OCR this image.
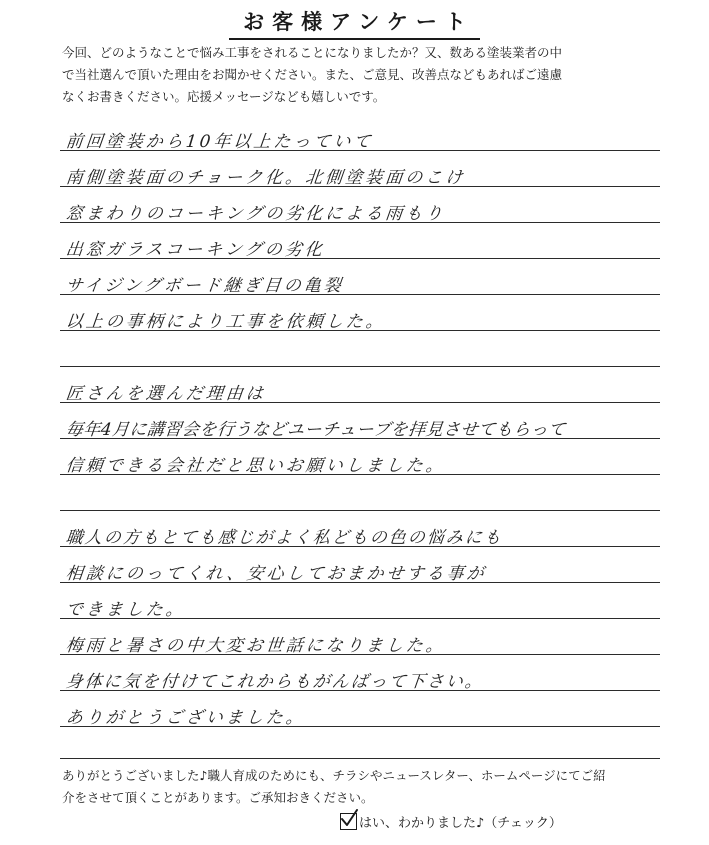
お客様アンケート
今回、どのようなことで悩み工事をされることになりましたか？又、数ある塗装業者の中
で当社選んで頂いた理由をお聞かせください。また、ご意見、改善点などもあればご遠慮
なくお書きください。応援メッセージなども嬉しいです。
前回塗装から10年以上たっていて
南側塗装面のチョーク化。北側塗装面のこけ
窓まわりのコーキングの劣化による雨もり
出窓ガラスコーキングの劣化
サイジングボード継ぎ目の亀裂
以上の事柄により工事を依頼した。
匠さんを選んだ理由は
毎年4月に講習会を行うなどユーチューブを拝見させてもらって
信頼できる会社だと思いお願いしました。
職人の方もとても感じがよく私どもの色の悩みにも
相談にのってくれ、安心しておまかせする事が
できました。
梅雨と暑さの中大変お世話になりました。
身体に気を付けてこれからもがんばって下さい。
ありがとうございました。
ありがとうございました♪職人育成のためにも、チラシやニュースレター、ホームページにてご紹
介をさせて頂くことがあります。ご承知おきください。
はい、わかりました♪（チェック）
